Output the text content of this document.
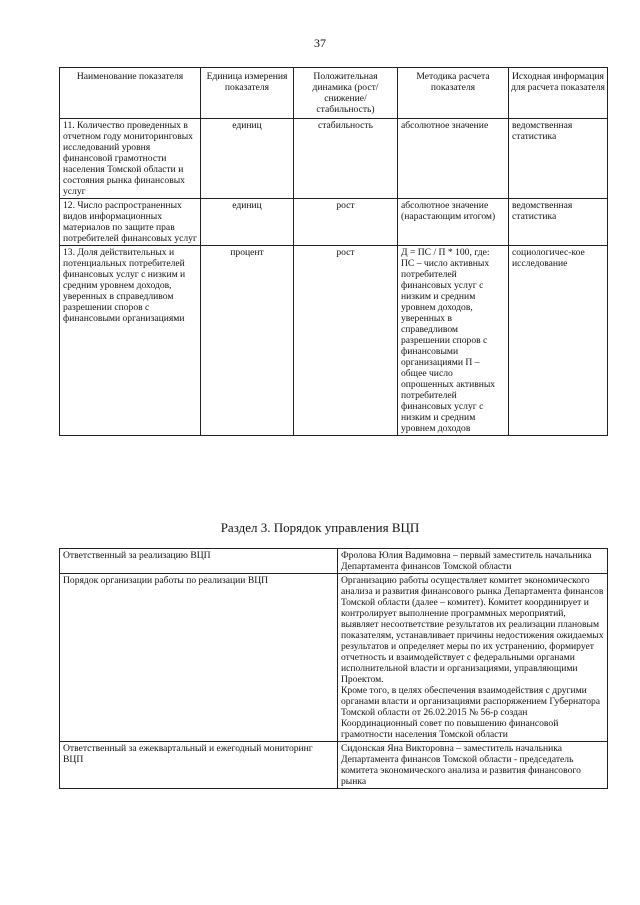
37
Наименование показателя	Единица измерения показателя	Положительная динамика (рост/снижение/стабильность)	Методика расчета показателя	Исходная информация для расчета показателя
11. Количество проведенных в отчетном году мониторинговых исследований уровня финансовой грамотности населения Томской области и состояния рынка финансовых услуг	единиц	стабильность	абсолютное значение	ведомственная статистика
12. Число распространенных видов информационных материалов по защите прав потребителей финансовых услуг	единиц	рост	абсолютное значение (нарастающим итогом)	ведомственная статистика
13. Доля действительных и потенциальных потребителей финансовых услуг с низким и средним уровнем доходов, уверенных в справедливом разрешении споров с финансовыми организациями	процент	рост	Д = ПС / П * 100, где: ПС – число активных потребителей финансовых услуг с низким и средним уровнем доходов, уверенных в справедливом разрешении споров с финансовыми организациями П – общее число опрошенных активных потребителей финансовых услуг с низким и средним уровнем доходов	социологичес-кое исследование
Раздел 3. Порядок управления ВЦП
Ответственный за реализацию ВЦП	Фролова Юлия Вадимовна – первый заместитель начальника Департамента финансов Томской области
Порядок организации работы по реализации ВЦП	Организацию работы осуществляет комитет экономического анализа и развития финансового рынка Департамента финансов Томской области (далее – комитет). Комитет координирует и контролирует выполнение программных мероприятий, выявляет несоответствие результатов их реализации плановым показателям, устанавливает причины недостижения ожидаемых результатов и определяет меры по их устранению, формирует отчетность и взаимодействует с федеральными органами исполнительной власти и организациями, управляющими Проектом.
Кроме того, в целях обеспечения взаимодействия с другими органами власти и организациями распоряжением Губернатора Томской области от 26.02.2015 № 56-р создан Координационный совет по повышению финансовой грамотности населения Томской области

Ответственный за ежеквартальный и ежегодный мониторинг ВЦП	Сидонская Яна Викторовна – заместитель начальника Департамента финансов Томской области - председатель комитета экономического анализа и развития финансового рынка
